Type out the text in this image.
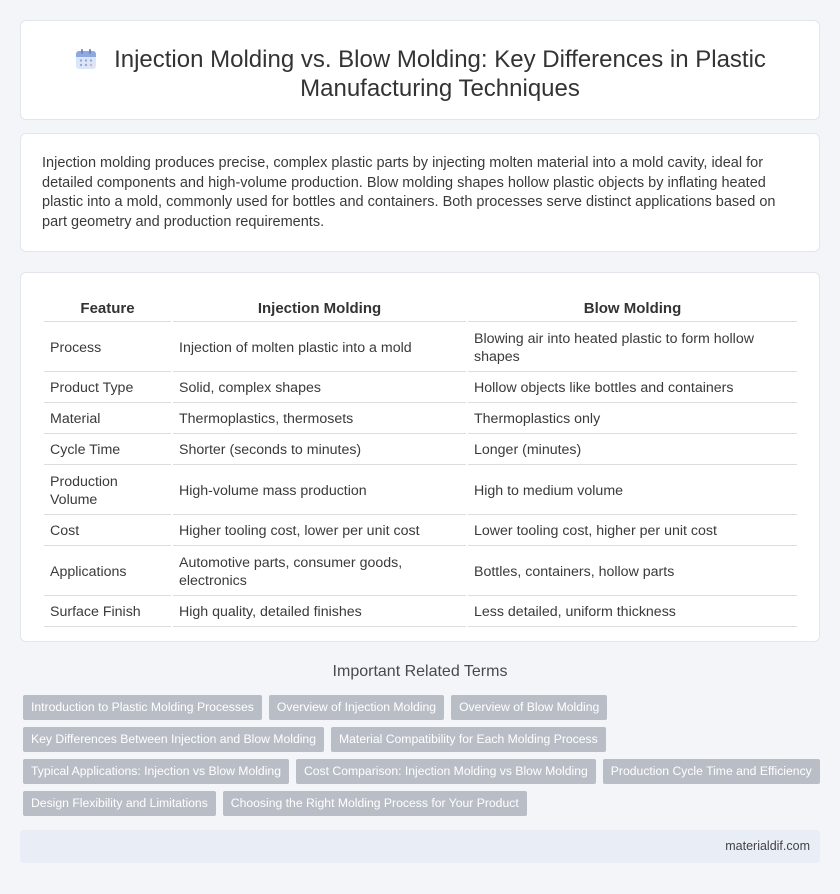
Injection Molding vs. Blow Molding: Key Differences in Plastic Manufacturing Techniques

Injection molding produces precise, complex plastic parts by injecting molten material into a mold cavity, ideal for detailed components and high-volume production. Blow molding shapes hollow plastic objects by inflating heated plastic into a mold, commonly used for bottles and containers. Both processes serve distinct applications based on part geometry and production requirements.

Feature	Injection Molding	Blow Molding
Process	Injection of molten plastic into a mold	Blowing air into heated plastic to form hollow shapes
Product Type	Solid, complex shapes	Hollow objects like bottles and containers
Material	Thermoplastics, thermosets	Thermoplastics only
Cycle Time	Shorter (seconds to minutes)	Longer (minutes)
Production Volume	High-volume mass production	High to medium volume
Cost	Higher tooling cost, lower per unit cost	Lower tooling cost, higher per unit cost
Applications	Automotive parts, consumer goods, electronics	Bottles, containers, hollow parts
Surface Finish	High quality, detailed finishes	Less detailed, uniform thickness
Important Related Terms
Introduction to Plastic Molding Processes	Overview of Injection Molding	Overview of Blow Molding
Key Differences Between Injection and Blow Molding	Material Compatibility for Each Molding Process
Typical Applications: Injection vs Blow Molding	Cost Comparison: Injection Molding vs Blow Molding	Production Cycle Time and Efficiency
Design Flexibility and Limitations	Choosing the Right Molding Process for Your Product
materialdif.com
